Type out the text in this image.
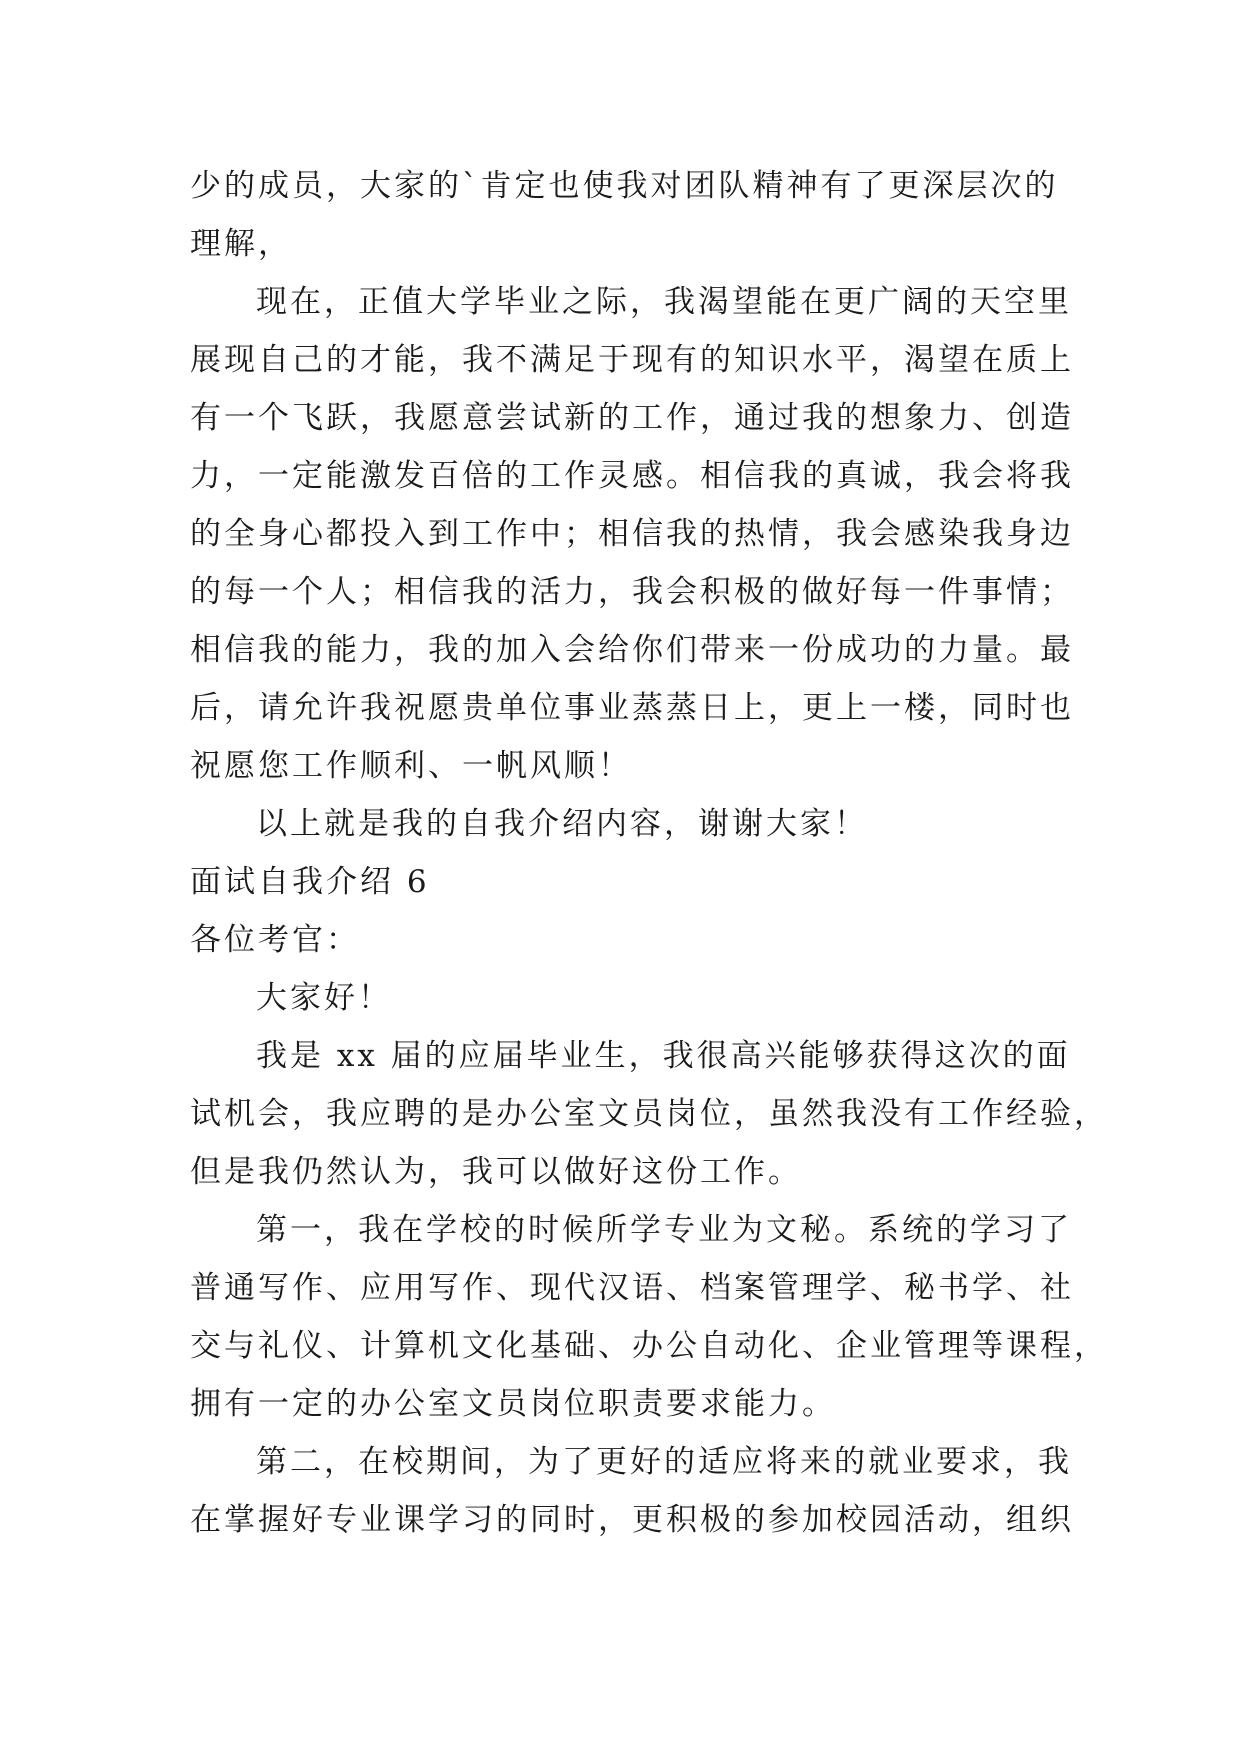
少的成员，大家的`肯定也使我对团队精神有了更深层次的

理解，

现在，正值大学毕业之际，我渴望能在更广阔的天空里

展现自己的才能，我不满足于现有的知识水平，渴望在质上

有一个飞跃，我愿意尝试新的工作，通过我的想象力、创造

力，一定能激发百倍的工作灵感。相信我的真诚，我会将我

的全身心都投入到工作中；相信我的热情，我会感染我身边

的每一个人；相信我的活力，我会积极的做好每一件事情；

相信我的能力，我的加入会给你们带来一份成功的力量。最

后，请允许我祝愿贵单位事业蒸蒸日上，更上一楼，同时也

祝愿您工作顺利、一帆风顺！

以上就是我的自我介绍内容，谢谢大家！

面试自我介绍 6

各位考官：

大家好！

我是 xx 届的应届毕业生，我很高兴能够获得这次的面

试机会，我应聘的是办公室文员岗位，虽然我没有工作经验，

但是我仍然认为，我可以做好这份工作。

第一，我在学校的时候所学专业为文秘。系统的学习了

普通写作、应用写作、现代汉语、档案管理学、秘书学、社

交与礼仪、计算机文化基础、办公自动化、企业管理等课程，

拥有一定的办公室文员岗位职责要求能力。

第二，在校期间，为了更好的适应将来的就业要求，我

在掌握好专业课学习的同时，更积极的参加校园活动，组织
